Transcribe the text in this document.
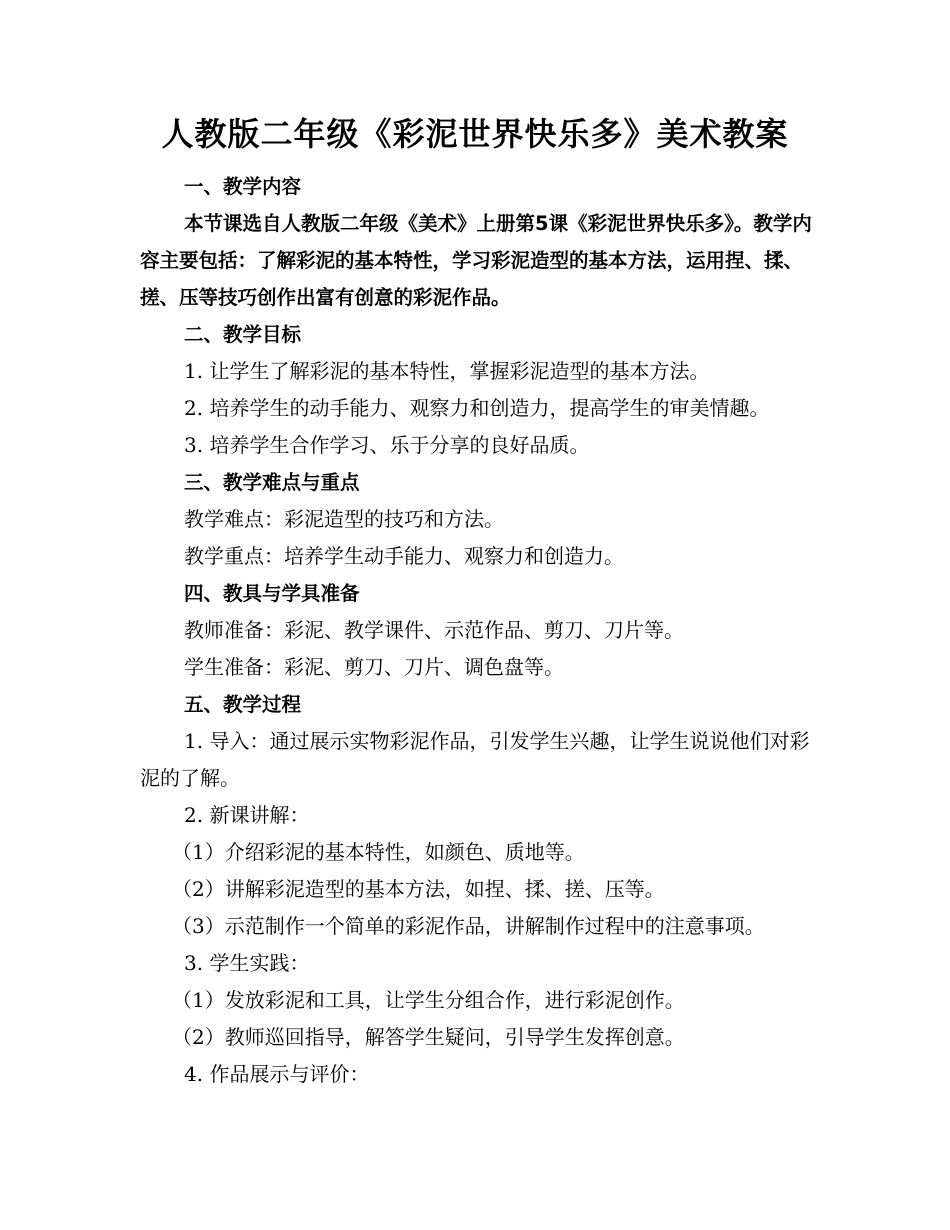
人教版二年级《彩泥世界快乐多》美术教案

一、教学内容

本节课选自人教版二年级《美术》上册第5课《彩泥世界快乐多》。教学内容主要包括：了解彩泥的基本特性，学习彩泥造型的基本方法，运用捏、揉、搓、压等技巧创作出富有创意的彩泥作品。

二、教学目标

1. 让学生了解彩泥的基本特性，掌握彩泥造型的基本方法。

2. 培养学生的动手能力、观察力和创造力，提高学生的审美情趣。

3. 培养学生合作学习、乐于分享的良好品质。

三、教学难点与重点

教学难点：彩泥造型的技巧和方法。

教学重点：培养学生动手能力、观察力和创造力。

四、教具与学具准备

教师准备：彩泥、教学课件、示范作品、剪刀、刀片等。

学生准备：彩泥、剪刀、刀片、调色盘等。

五、教学过程

1. 导入：通过展示实物彩泥作品，引发学生兴趣，让学生说说他们对彩泥的了解。

2. 新课讲解：

（1）介绍彩泥的基本特性，如颜色、质地等。

（2）讲解彩泥造型的基本方法，如捏、揉、搓、压等。

（3）示范制作一个简单的彩泥作品，讲解制作过程中的注意事项。

3. 学生实践：

（1）发放彩泥和工具，让学生分组合作，进行彩泥创作。

（2）教师巡回指导，解答学生疑问，引导学生发挥创意。

4. 作品展示与评价：
